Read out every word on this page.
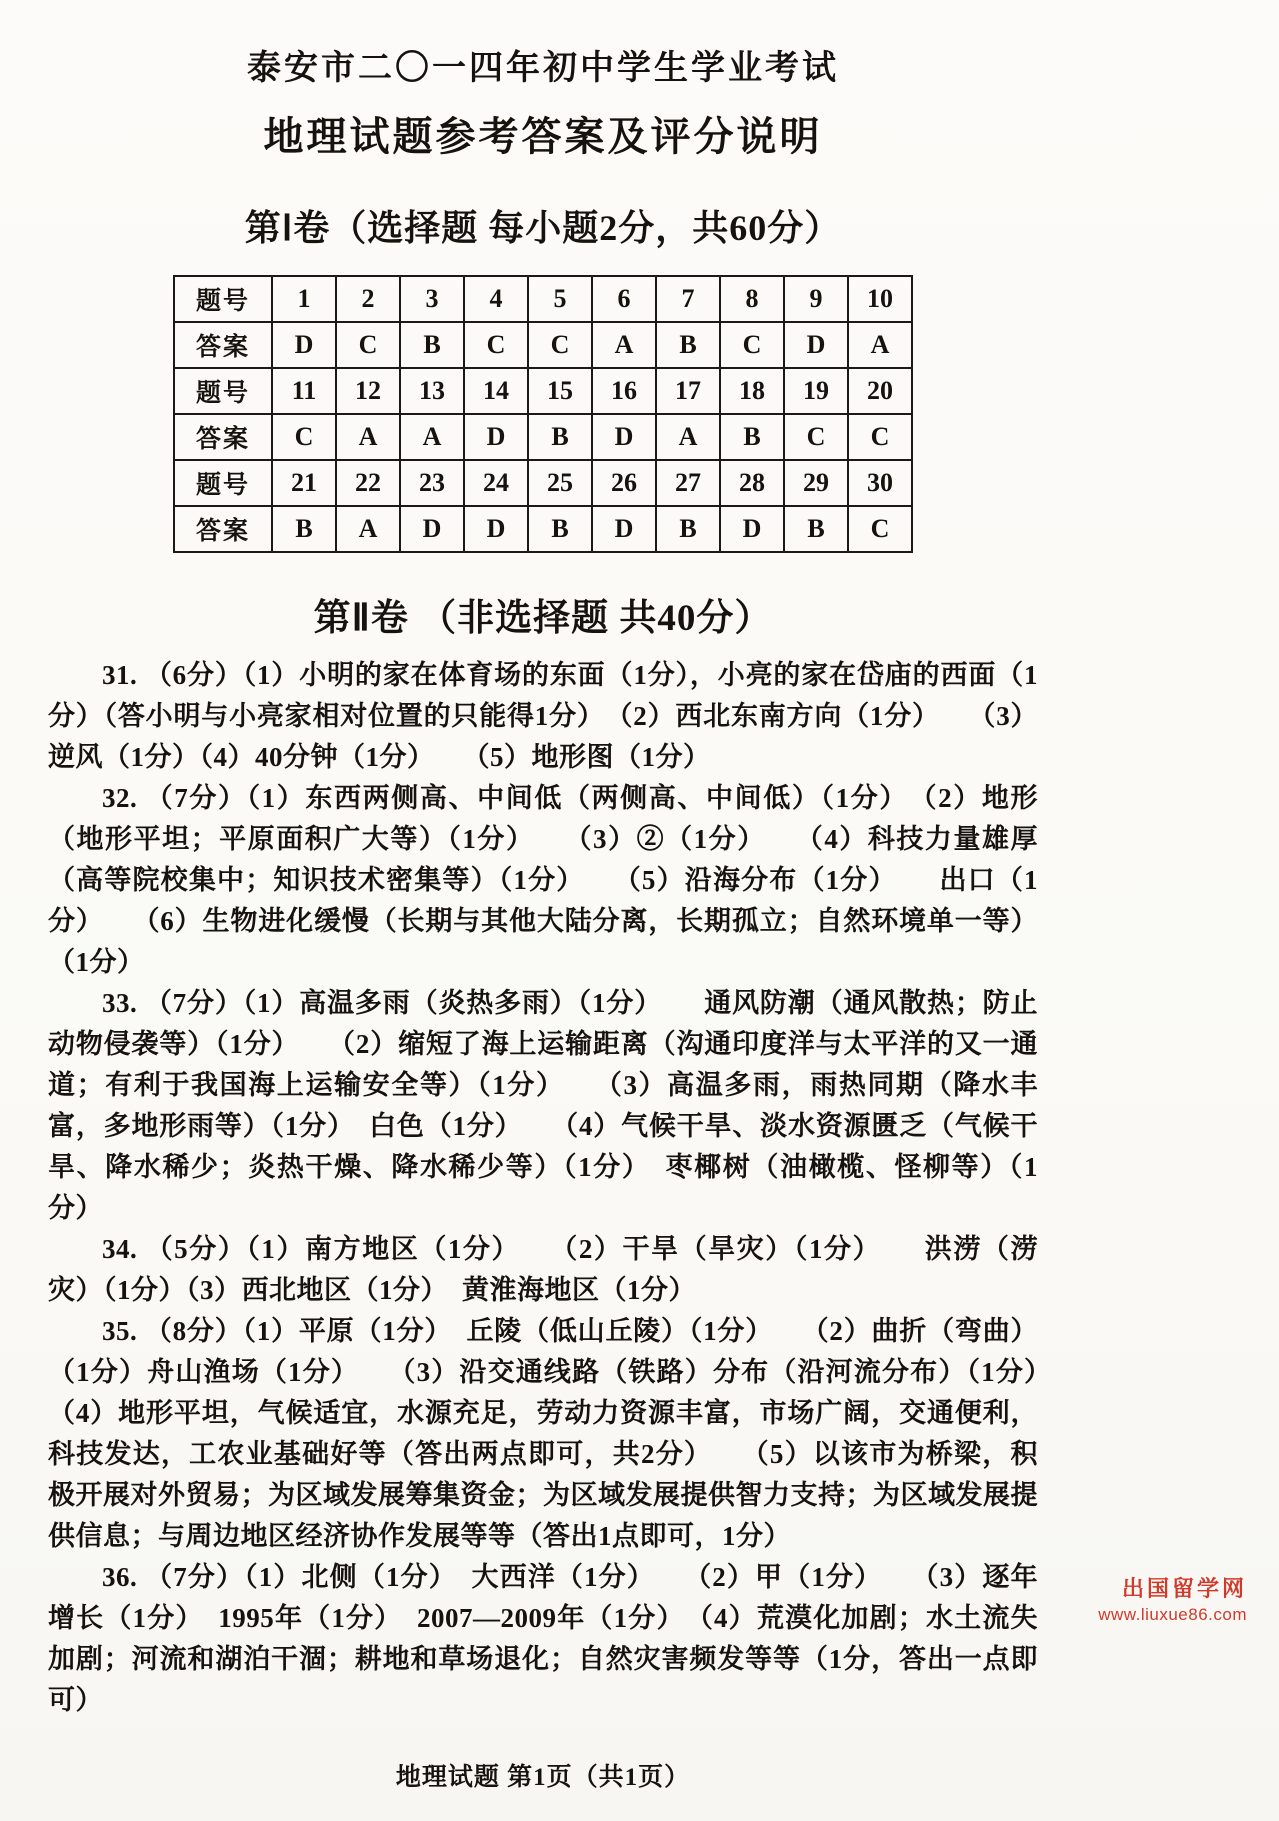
泰安市二〇一四年初中学生学业考试
地理试题参考答案及评分说明
第Ⅰ卷（选择题 每小题2分，共60分）
题号	1	2	3	4	5	6	7	8	9	10
答案	D	C	B	C	C	A	B	C	D	A
题号	11	12	13	14	15	16	17	18	19	20
答案	C	A	A	D	B	D	A	B	C	C
题号	21	22	23	24	25	26	27	28	29	30
答案	B	A	D	D	B	D	B	D	B	C
第Ⅱ卷 （非选择题 共40分）

31. （6分）（1）小明的家在体育场的东面（1分），小亮的家在岱庙的西面（1分）（答小明与小亮家相对位置的只能得1分）　（2）西北东南方向（1分）　　（3）逆风（1分）（4）40分钟（1分）　　（5）地形图（1分）

32. （7分）（1）东西两侧高、中间低（两侧高、中间低）（1分）　（2）地形（地形平坦；平原面积广大等）（1分）　　（3）②（1分）　　（4）科技力量雄厚（高等院校集中；知识技术密集等）（1分）　　（5）沿海分布（1分）　　出口（1分）　　（6）生物进化缓慢（长期与其他大陆分离，长期孤立；自然环境单一等）（1分）

33. （7分）（1）高温多雨（炎热多雨）（1分）　　通风防潮（通风散热；防止动物侵袭等）（1分）　　（2）缩短了海上运输距离（沟通印度洋与太平洋的又一通道；有利于我国海上运输安全等）（1分）　　（3）高温多雨，雨热同期（降水丰富，多地形雨等）（1分）　白色（1分）　　（4）气候干旱、淡水资源匮乏（气候干旱、降水稀少；炎热干燥、降水稀少等）（1分）　枣椰树（油橄榄、怪柳等）（1分）

34. （5分）（1）南方地区（1分）　　（2）干旱（旱灾）（1分）　　洪涝（涝灾）（1分）（3）西北地区（1分）　黄淮海地区（1分）

35. （8分）（1）平原（1分）　丘陵（低山丘陵）（1分）　　（2）曲折（弯曲）（1分）舟山渔场（1分）　　（3）沿交通线路（铁路）分布（沿河流分布）（1分）　　（4）地形平坦，气候适宜，水源充足，劳动力资源丰富，市场广阔，交通便利，科技发达，工农业基础好等（答出两点即可，共2分）　　（5）以该市为桥梁，积极开展对外贸易；为区域发展筹集资金；为区域发展提供智力支持；为区域发展提供信息；与周边地区经济协作发展等等（答出1点即可，1分）

36. （7分）（1）北侧（1分）　大西洋（1分）　　（2）甲（1分）　　（3）逐年增长（1分）　1995年（1分）　2007—2009年（1分）　（4）荒漠化加剧；水土流失加剧；河流和湖泊干涸；耕地和草场退化；自然灾害频发等等（1分，答出一点即可）

地理试题 第1页（共1页）
出国留学网
www.liuxue86.com
